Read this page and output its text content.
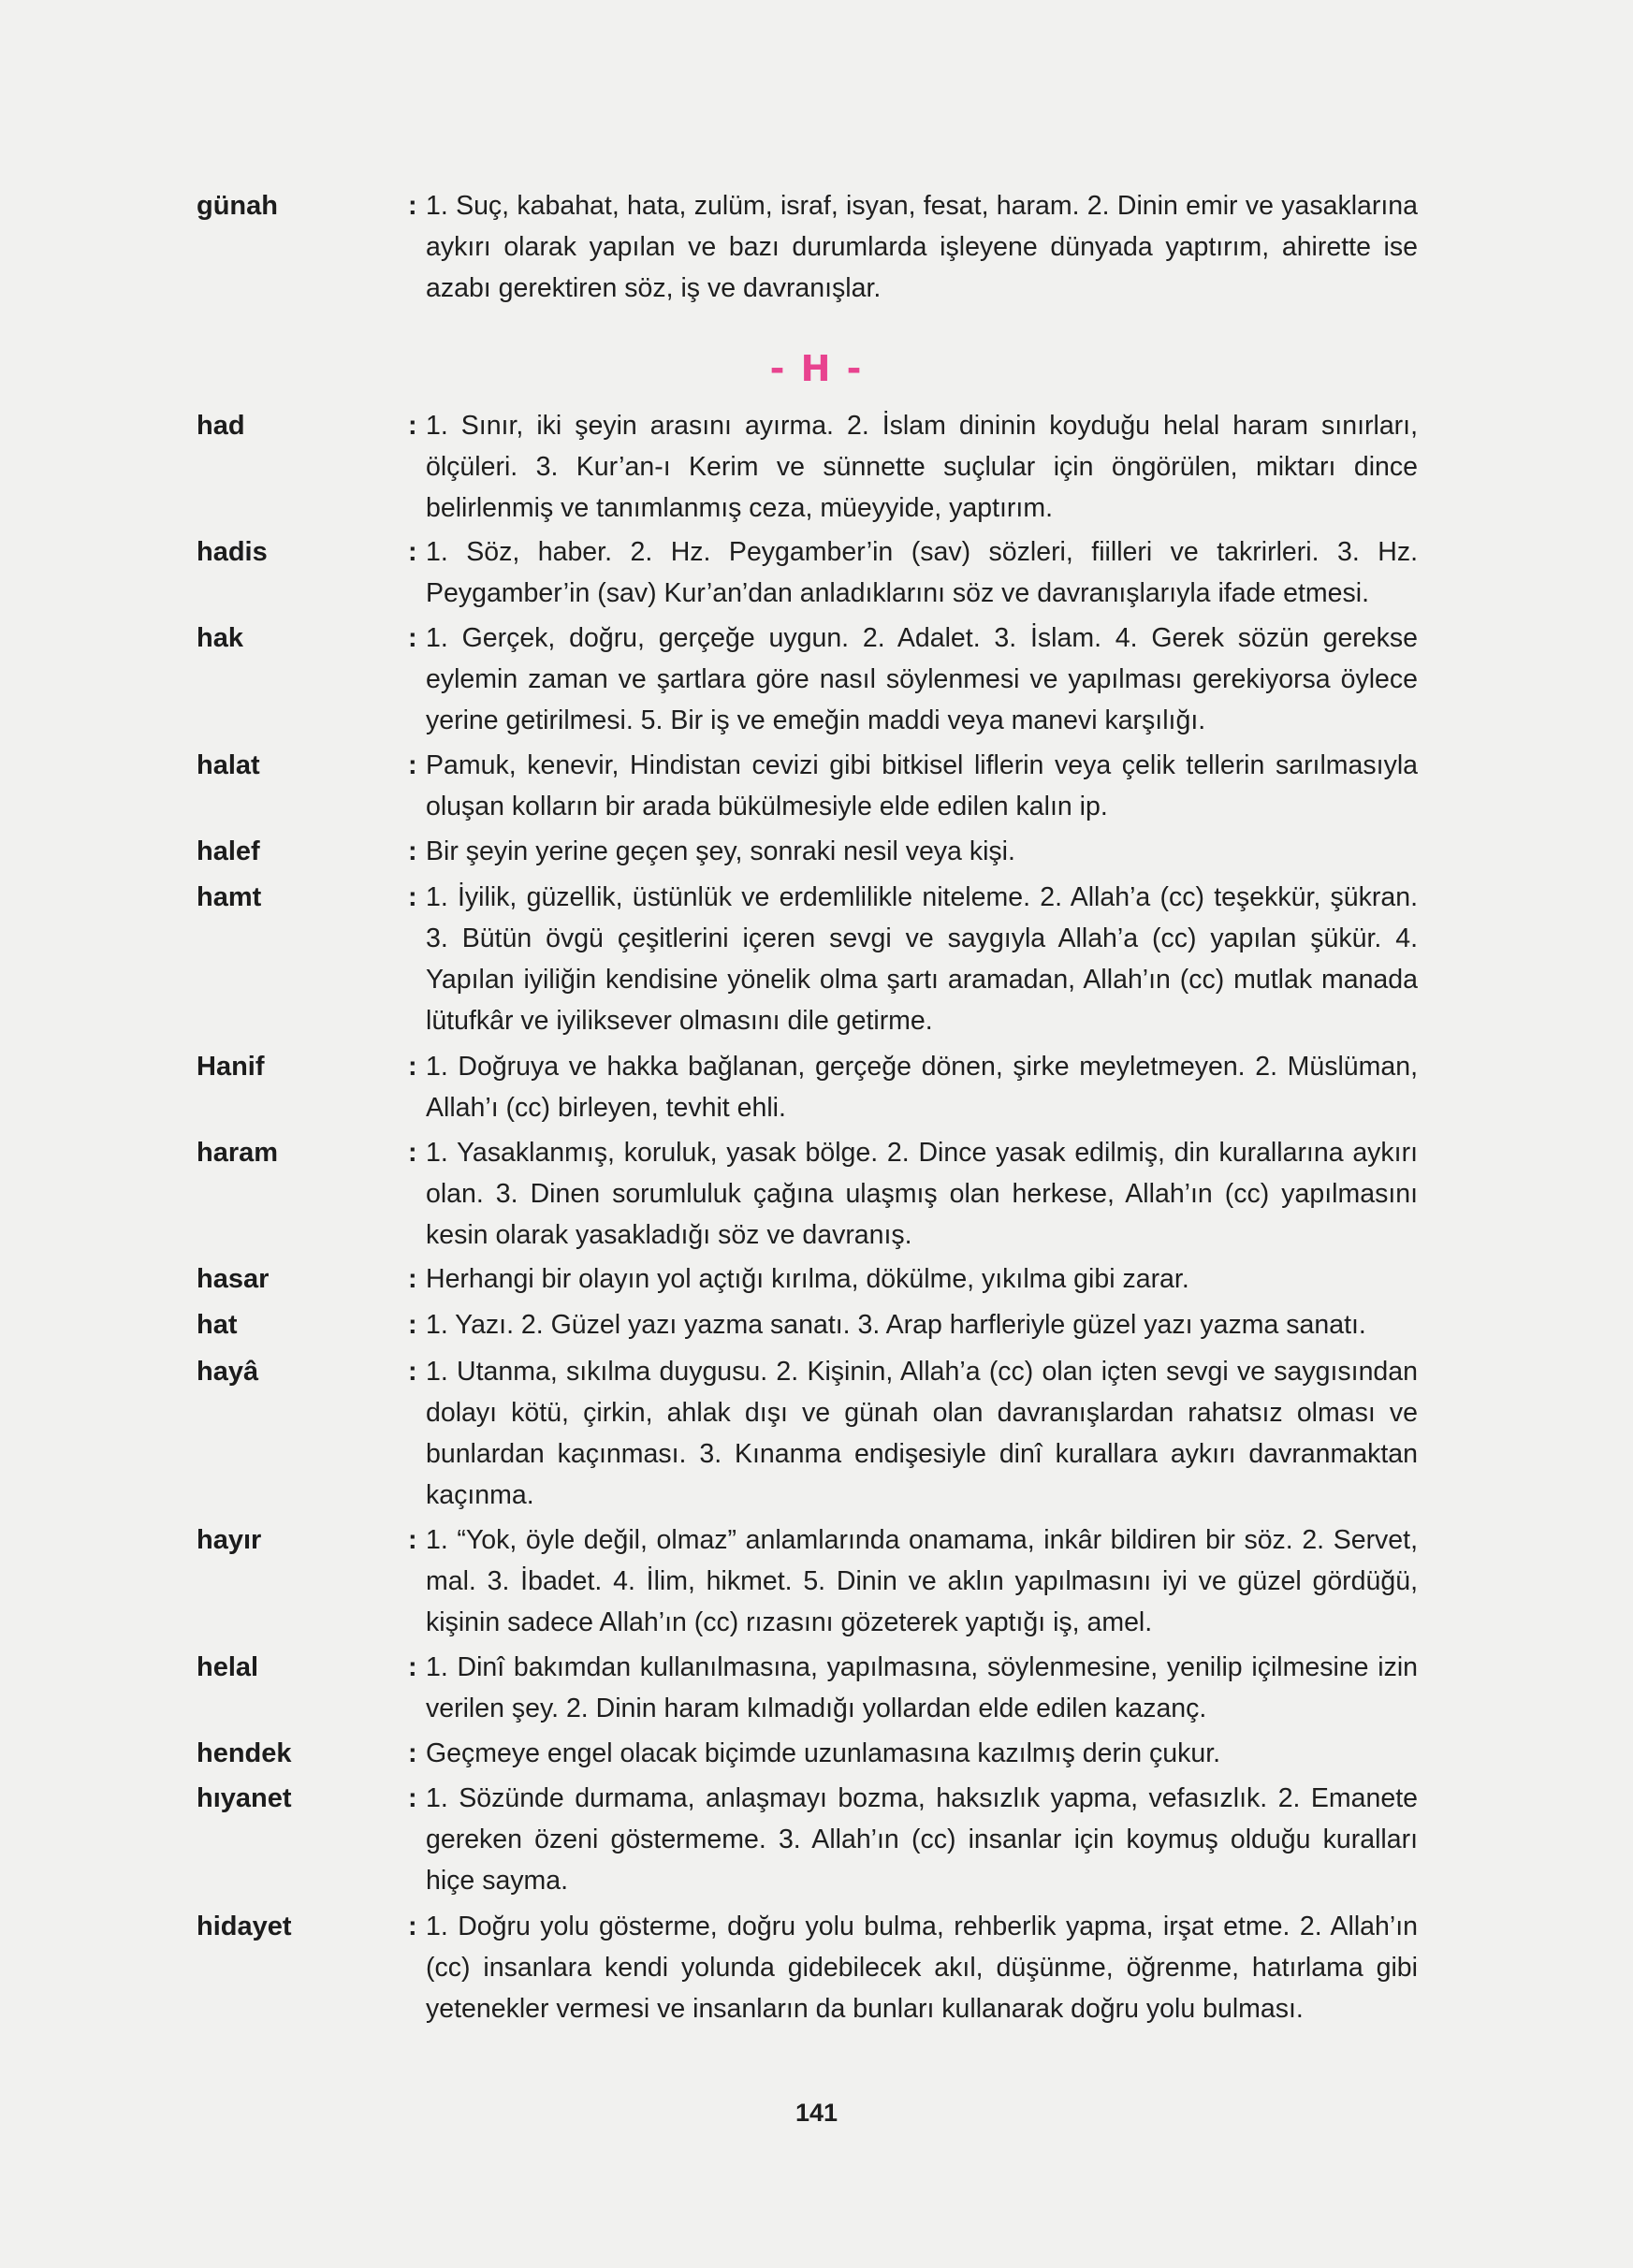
günah	: 1. Suç, kabahat, hata, zulüm, israf, isyan, fesat, haram. 2. Dinin emir ve yasaklarına aykırı olarak yapılan ve bazı durumlarda işleyene dünyada yaptırım, ahirette ise azabı gerektiren söz, iş ve davranışlar.
- H -
had	: 1. Sınır, iki şeyin arasını ayırma. 2. İslam dininin koyduğu helal haram sınırları, ölçüleri. 3. Kur’an-ı Kerim ve sünnette suçlular için öngörülen, miktarı dince belirlenmiş ve tanımlanmış ceza, müeyyide, yaptırım.
hadis	: 1. Söz, haber. 2. Hz. Peygamber’in (sav) sözleri, fiilleri ve takrirleri. 3. Hz. Peygamber’in (sav) Kur’an’dan anladıklarını söz ve davranışlarıyla ifade etmesi.
hak	: 1. Gerçek, doğru, gerçeğe uygun. 2. Adalet. 3. İslam. 4. Gerek sözün gerekse eylemin zaman ve şartlara göre nasıl söylenmesi ve yapılması gerekiyorsa öylece yerine getirilmesi. 5. Bir iş ve emeğin maddi veya manevi karşılığı.
halat	: Pamuk, kenevir, Hindistan cevizi gibi bitkisel liflerin veya çelik tellerin sarılmasıyla oluşan kolların bir arada bükülmesiyle elde edilen kalın ip.
halef	: Bir şeyin yerine geçen şey, sonraki nesil veya kişi.
hamt	: 1. İyilik, güzellik, üstünlük ve erdemlilikle niteleme. 2. Allah’a (cc) teşekkür, şükran. 3. Bütün övgü çeşitlerini içeren sevgi ve saygıyla Allah’a (cc) yapılan şükür. 4. Yapılan iyiliğin kendisine yönelik olma şartı aramadan, Allah’ın (cc) mutlak manada lütufkâr ve iyiliksever olmasını dile getirme.
Hanif	: 1. Doğruya ve hakka bağlanan, gerçeğe dönen, şirke meyletmeyen. 2. Müslüman, Allah’ı (cc) birleyen, tevhit ehli.
haram	: 1. Yasaklanmış, koruluk, yasak bölge. 2. Dince yasak edilmiş, din kurallarına aykırı olan. 3. Dinen sorumluluk çağına ulaşmış olan herkese, Allah’ın (cc) yapılmasını kesin olarak yasakladığı söz ve davranış.
hasar	: Herhangi bir olayın yol açtığı kırılma, dökülme, yıkılma gibi zarar.
hat	: 1. Yazı. 2. Güzel yazı yazma sanatı. 3. Arap harfleriyle güzel yazı yazma sanatı.
hayâ	: 1. Utanma, sıkılma duygusu. 2. Kişinin, Allah’a (cc) olan içten sevgi ve saygısından dolayı kötü, çirkin, ahlak dışı ve günah olan davranışlardan rahatsız olması ve bunlardan kaçınması. 3. Kınanma endişesiyle dinî kurallara aykırı davranmaktan kaçınma.
hayır	: 1. “Yok, öyle değil, olmaz” anlamlarında onamama, inkâr bildiren bir söz. 2. Servet, mal. 3. İbadet. 4. İlim, hikmet. 5. Dinin ve aklın yapılmasını iyi ve güzel gördüğü, kişinin sadece Allah’ın (cc) rızasını gözeterek yaptığı iş, amel.
helal	: 1. Dinî bakımdan kullanılmasına, yapılmasına, söylenmesine, yenilip içilmesine izin verilen şey. 2. Dinin haram kılmadığı yollardan elde edilen kazanç.
hendek	: Geçmeye engel olacak biçimde uzunlamasına kazılmış derin çukur.
hıyanet	: 1. Sözünde durmama, anlaşmayı bozma, haksızlık yapma, vefasızlık. 2. Emanete gereken özeni göstermeme. 3. Allah’ın (cc) insanlar için koymuş olduğu kuralları hiçe sayma.
hidayet	: 1. Doğru yolu gösterme, doğru yolu bulma, rehberlik yapma, irşat etme. 2. Allah’ın (cc) insanlara kendi yolunda gidebilecek akıl, düşünme, öğrenme, hatırlama gibi yetenekler vermesi ve insanların da bunları kullanarak doğru yolu bulması.
141
